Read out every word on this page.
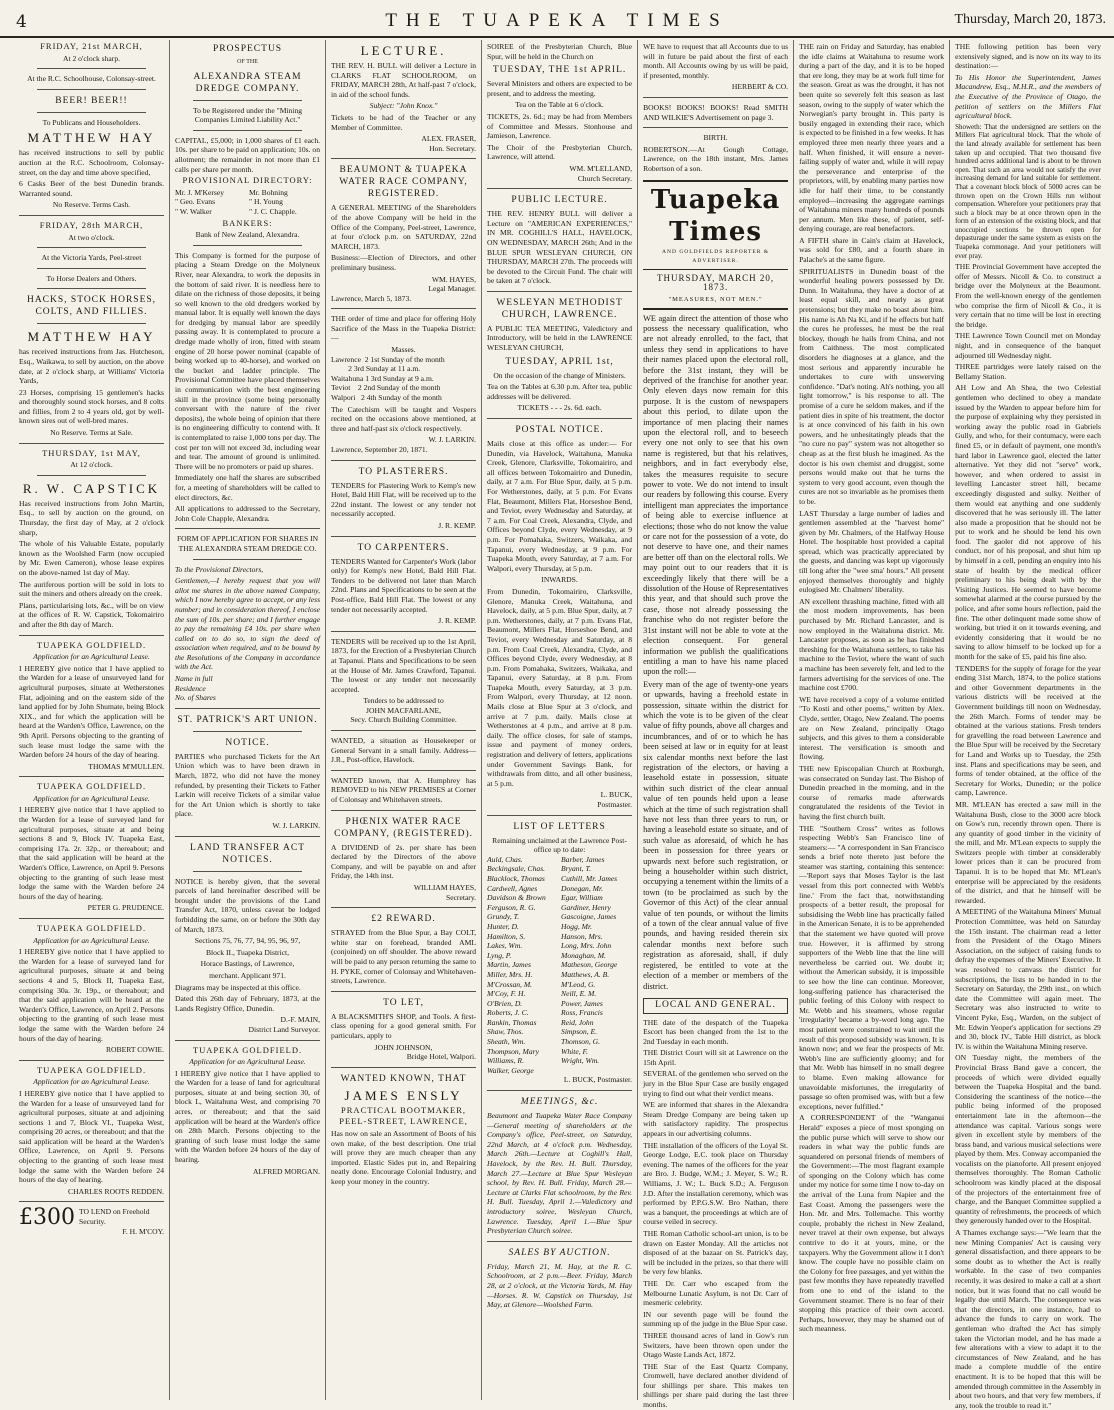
4	THE TUAPEKA TIMES	Thursday, March 20, 1873.
FRIDAY, 21st MARCH,
At 2 o'clock sharp.
At the R.C. Schoolhouse, Colonsay-street.
BEER! BEER!!
To Publicans and Householders.
MATTHEW HAY

has received instructions to sell by public auction at the R.C. Schoolroom, Colonsay-street, on the day and time above specified,

6 Casks Beer of the best Dunedin brands. Warranted sound.

No Reserve. Terms Cash.
FRIDAY, 28th MARCH,
At two o'clock.
At the Victoria Yards, Peel-street
To Horse Dealers and Others.
HACKS, STOCK HORSES, COLTS, AND FILLIES.
MATTHEW HAY

has received instructions from Jas. Hutcheson, Esq., Waikawa, to sell by auction, on the above date, at 2 o'clock sharp, at Williams' Victoria Yards,

23 Horses, comprising 15 gentlemen's hacks and thoroughly sound stock horses, and 8 colts and fillies, from 2 to 4 years old, got by well-known sires out of well-bred mares.

No Reserve. Terms at Sale.
THURSDAY, 1st MAY,
At 12 o'clock.
R. W. CAPSTICK

Has received instructions from John Martin, Esq., to sell by auction on the ground, on Thursday, the first day of May, at 2 o'clock sharp,

The whole of his Valuable Estate, popularly known as the Woolshed Farm (now occupied by Mr. Ewen Cameron), whose lease expires on the above-named 1st day of May.

The auriferous portion will be sold in lots to suit the miners and others already on the creek.

Plans, particularising lots, &c., will be on view at the offices of R. W. Capstick, Tokomairiro and after the 8th day of March.

TUAPEKA GOLDFIELD.
Application for an Agricultural Lease.

I HEREBY give notice that I have applied to the Warden for a lease of unsurveyed land for agricultural purposes, situate at Wetherstones Flat, adjoining and on the eastern side of the land applied for by John Shumate, being Block XIX., and for which the application will be heard at the Warden's Office, Lawrence, on the 9th April. Persons objecting to the granting of such lease must lodge the same with the Warden before 24 hours of the day of hearing.

THOMAS M'MULLEN.
TUAPEKA GOLDFIELD.
Application for an Agricultural Lease.

I HEREBY give notice that I have applied to the Warden for a lease of surveyed land for agricultural purposes, situate at and being sections 8 and 9, Block IV. Tuapeka East, comprising 17a. 2r. 32p., or thereabout; and that the said application will be heard at the Warden's Office, Lawrence, on April 9. Persons objecting to the granting of such lease must lodge the same with the Warden before 24 hours of the day of hearing.

PETER G. PRUDENCE.
TUAPEKA GOLDFIELD.
Application for an Agricultural Lease.

I HEREBY give notice that I have applied to the Warden for a lease of surveyed land for agricultural purposes, situate at and being sections 4 and 5, Block II, Tuapeka East, comprising 30a. 3r. 19p., or thereabout; and that the said application will be heard at the Warden's Office, Lawrence, on April 2. Persons objecting to the granting of such lease must lodge the same with the Warden before 24 hours of the day of hearing.

ROBERT COWIE.
TUAPEKA GOLDFIELD.
Application for an Agricultural Lease.

I HEREBY give notice that I have applied to the Warden for a lease of unsurveyed land for agricultural purposes, situate at and adjoining sections 1 and 7, Block VI., Tuapeka West, comprising 20 acres, or thereabout; and that the said application will be heard at the Warden's Office, Lawrence, on April 9. Persons objecting to the granting of such lease must lodge the same with the Warden before 24 hours of the day of hearing.

CHARLES ROOTS REDDEN.
£300 TO LEND on Freehold Security.
F. H. M'COY.
PROSPECTUS
OF THE
ALEXANDRA STEAM DREDGE COMPANY.

To be Registered under the "Mining Companies Limited Liability Act."

CAPITAL, £5,000; in 1,000 shares of £1 each. 10s. per share to be paid on application; 10s. on allotment; the remainder in not more than £1 calls per share per month.

PROVISIONAL DIRECTORY:
Mr. J. M'Kersey	Mr. Bohning
" Geo. Evans	" H. Young
" W. Walker	" J. C. Chapple.
BANKERS:
Bank of New Zealand, Alexandra.

This Company is formed for the purpose of placing a Steam Dredge on the Molyneux River, near Alexandra, to work the deposits in the bottom of said river. It is needless here to dilate on the richness of those deposits, it being so well known to the old dredgers worked by manual labor. It is equally well known the days for dredging by manual labor are speedily passing away. It is contemplated to procure a dredge made wholly of iron, fitted with steam engine of 20 horse power nominal (capable of being worked up to 40-horse), and worked on the bucket and ladder principle. The Provisional Committee have placed themselves in communication with the best engineering skill in the province (some being personally conversant with the nature of the river deposits), the whole being of opinion that there is no engineering difficulty to contend with. It is contemplated to raise 1,000 tons per day. The cost per ton will not exceed 3d, including wear and tear. The amount of ground is unlimited. There will be no promoters or paid up shares.

Immediately one half the shares are subscribed for, a meeting of shareholders will be called to elect directors, &c.

All applications to addressed to the Secretary, John Cole Chapple, Alexandra.

FORM OF APPLICATION FOR SHARES IN THE ALEXANDRA STEAM DREDGE CO.

To the Provisional Directors,

Gentlemen,—I hereby request that you will allot me shares in the above named Company, which I now hereby agree to accept, or any less number; and in consideration thereof, I enclose the sum of 10s. per share; and I further engage to pay the remaining £4 10s. per share when called on to do so, to sign the deed of association when required, and to be bound by the Resolutions of the Company in accordance with the Act.

Name in full
Residence
No. of Shares
ST. PATRICK'S ART UNION.
NOTICE.

PARTIES who purchased Tickets for the Art Union which was to have been drawn in March, 1872, who did not have the money refunded, by presenting their Tickets to Father Larkin will receive Tickets of a similar value for the Art Union which is shortly to take place.

W. J. LARKIN.
LAND TRANSFER ACT NOTICES.

NOTICE is hereby given, that the several parcels of land hereinafter described will be brought under the provisions of the Land Transfer Act, 1870, unless caveat be lodged forbidding the same, on or before the 30th day of March, 1873.

Sections 75, 76, 77, 94, 95, 96, 97,

Block II., Tuapeka District,

Horace Bastings, of Lawrence,

merchant. Applicant 971.

Diagrams may be inspected at this office.

Dated this 26th day of February, 1873, at the Lands Registry Office, Dunedin.

D.-F. MAIN,
District Land Surveyor.
TUAPEKA GOLDFIELD.
Application for an Agricultural Lease.

I HEREBY give notice that I have applied to the Warden for a lease of land for agricultural purposes, situate at and being section 30, of block L, Waitahuna West, and comprising 70 acres, or thereabout; and that the said application will be heard at the Warden's office on 28th March. Persons objecting to the granting of such lease must lodge the same with the Warden before 24 hours of the day of hearing.

ALFRED MORGAN.
LECTURE.

THE REV. H. BULL will deliver a Lecture in CLARKS FLAT SCHOOLROOM, on FRIDAY, MARCH 28th, At half-past 7 o'clock, in aid of the school funds.

Subject: "John Knox."

Tickets to be had of the Teacher or any Member of Committee.

ALEX. FRASER,
Hon. Secretary.
BEAUMONT & TUAPEKA WATER RACE COMPANY, REGISTERED.

A GENERAL MEETING of the Shareholders of the above Company will be held in the Office of the Company, Peel-street, Lawrence, at four o'clock p.m. on SATURDAY, 22nd MARCH, 1873.

Business:—Election of Directors, and other preliminary business.

WM. HAYES,
Legal Manager.
Lawrence, March 5, 1873.

THE order of time and place for offering Holy Sacrifice of the Mass in the Tuapeka District:—

Masses.
Lawrence  2 1st Sunday of the month
2 3rd Sunday at 11 a.m.
Waitahuna 1 3rd Sunday at 9 a.m.
Teviot    2 2nd Sunday of the month
Walpori   2 4th Sunday of the month

The Catechism will be taught and Vespers recited on the occasions above mentioned, at three and half-past six o'clock respectively.

W. J. LARKIN.
Lawrence, September 20, 1871.
TO PLASTERERS.

TENDERS for Plastering Work to Kemp's new Hotel, Bald Hill Flat, will be received up to the 22nd instant. The lowest or any tender not necessarily accepted.

J. R. KEMP.
TO CARPENTERS.

TENDERS Wanted for Carpenter's Work (labor only) for Kemp's new Hotel, Bald Hill Flat. Tenders to be delivered not later than March 22nd. Plans and Specifications to be seen at the Post-office, Bald Hill Flat. The lowest or any tender not necessarily accepted.

J. R. KEMP.

TENDERS will be received up to the 1st April, 1873, for the Erection of a Presbyterian Church at Tapanui. Plans and Specifications to be seen at the House of Mr. James Crawford, Tapanui. The lowest or any tender not necessarily accepted.

Tenders to be addressed to
JOHN MACFARLANE,
Secy. Church Building Committee.

WANTED, a situation as Housekeeper or General Servant in a small family. Address—J.R., Post-office, Havelock.

WANTED known, that A. Humphrey has REMOVED to his NEW PREMISES at Corner of Colonsay and Whitehaven streets.

PHŒNIX WATER RACE COMPANY, (REGISTERED).

A DIVIDEND of 2s. per share has been declared by the Directors of the above Company, and will be payable on and after Friday, the 14th inst.

WILLIAM HAYES,
Secretary.
£2 REWARD.

STRAYED from the Blue Spur, a Bay COLT, white star on forehead, branded AML (conjoined) on off shoulder. The above reward will be paid to any person returning the same to H. PYKE, corner of Colonsay and Whitehaven-streets, Lawrence.

TO LET,

A BLACKSMITH'S SHOP, and Tools. A first-class opening for a good general smith. For particulars, apply to

JOHN JOHNSON,
Bridge Hotel, Walpori.
WANTED KNOWN, THAT
JAMES ENSLY
PRACTICAL BOOTMAKER,
PEEL-STREET, LAWRENCE,

Has now on sale an Assortment of Boots of his own make, of the best description. One trial will prove they are much cheaper than any imported. Elastic Sides put in, and Repairing neatly done. Encourage Colonial Industry, and keep your money in the country.

SOIREE of the Presbyterian Church, Blue Spur, will be held in the Church on

TUESDAY, THE 1st APRIL.

Several Ministers and others are expected to be present, and to address the meeting.

Tea on the Table at 6 o'clock.

TICKETS, 2s. 6d.; may be had from Members of Committee and Messrs. Stonhouse and Jamieson, Lawrence.

The Choir of the Presbyterian Church, Lawrence, will attend.

WM. M'LELLAND,
Church Secretary.
PUBLIC LECTURE.

THE REV. HENRY BULL will deliver a Lecture on "AMERICAN EXPERIENCES," IN MR. COGHILL'S HALL, HAVELOCK, ON WEDNESDAY, MARCH 26th; And in the BLUE SPUR WESLEYAN CHURCH, ON THURSDAY, MARCH 27th. The proceeds will be devoted to the Circuit Fund. The chair will be taken at 7 o'clock.

WESLEYAN METHODIST CHURCH, LAWRENCE.

A PUBLIC TEA MEETING, Valedictory and Introductory, will be held in the LAWRENCE WESLEYAN CHURCH,

TUESDAY, APRIL 1st,
On the occasion of the change of Ministers.

Tea on the Tables at 6.30 p.m. After tea, public addresses will be delivered.

TICKETS - - - 2s. 6d. each.
POSTAL NOTICE.

Mails close at this office as under:— For Dunedin, via Havelock, Waitahuna, Manuka Creek, Glenore, Clarksville, Tokomairiro, and all offices between Tokomairiro and Dunedin, daily, at 7 a.m. For Blue Spur, daily, at 5 p.m. For Wetherstones, daily, at 5 p.m. For Evans Flat, Beaumont, Millers Flat, Horseshoe Bend, and Teviot, every Wednesday and Saturday, at 7 a.m. For Coal Creek, Alexandra, Clyde, and Offices beyond Clyde, every Wednesday, at 9 p.m. For Pomahaka, Switzers, Waikaka, and Tapanui, every Wednesday, at 9 p.m. For Tuapeka Mouth, every Saturday, at 7 a.m. For Walpori, every Thursday, at 5 p.m.

INWARDS.

From Dunedin, Tokomairiro, Clarksville, Glenore, Manuka Creek, Waitahuna, and Havelock, daily, at 5 p.m. Blue Spur, daily, at 7 p.m. Wetherstones, daily, at 7 p.m. Evans Flat, Beaumont, Millers Flat, Horseshoe Bend, and Teviot, every Wednesday and Saturday, at 8 p.m. From Coal Creek, Alexandra, Clyde, and Offices beyond Clyde, every Wednesday, at 8 p.m. From Pomahaka, Switzers, Waikaka, and Tapanui, every Saturday, at 8 p.m. From Tuapeka Mouth, every Saturday, at 3 p.m. From Walpori, every Thursday, at 12 noon. Mails close at Blue Spur at 3 o'clock, and arrive at 7 p.m. daily. Mails close at Wetherstones at 4 p.m., and arrive at 8 p.m. daily. The office closes, for sale of stamps, issue and payment of money orders, registration and delivery of letters, applications under Government Savings Bank, for withdrawals from ditto, and all other business, at 5 p.m.

L. BUCK,
Postmaster.
LIST OF LETTERS
Remaining unclaimed at the Lawrence Post-office up to date:
Auld, Chas.	Barber, James
Beckingsale, Chas.	Bryant, T.
Blacklock, Thomas	Cuthill, Mr. James
Cardwell, Agnes	Donegan, Mr.
Davidson & Brown	Egar, William
Ferguson, R. G.	Gardiner, Henry
Grundy, T.	Gascoigne, James
Hunter, D.	Hogg, Mr.
Hamilton, S.	Hanson, Mrs.
Lakes, Wm.	Long, Mrs. John
Lyng, P.	Monaghan, M.
Martin, James	Matheson, George
Miller, Mrs. H.	Matthews, A. B.
M'Crossan, M.	M'Leod, G.
M'Coy, F. H.	Neill, E. M.
O'Brien, D.	Power, James
Roberts, J. C.	Ross, Francis
Rankin, Thomas	Reid, John
Shaw, Thos.	Simpson, E.
Sheath, Wm.	Thomson, G.
Thompson, Mary	White, F.
Williams, R.	Wright, Wm.
Walker, George
L. BUCK, Postmaster.
MEETINGS, &c.

Beaumont and Tuapeka Water Race Company—General meeting of shareholders at the Company's office, Peel-street, on Saturday, 22nd March, at 4 o'clock p.m. Wednesday, March 26th.—Lecture at Coghill's Hall, Havelock, by the Rev. H. Bull. Thursday, March 27.—Lecture at Blue Spur Wesleyan school, by Rev. H. Bull. Friday, March 28.—Lecture at Clarks Flat schoolroom, by the Rev. H. Bull. Tuesday, April 1.—Valedictory and introductory soiree, Wesleyan Church, Lawrence. Tuesday, April 1.—Blue Spur Presbyterian Church soiree.

SALES BY AUCTION.

Friday, March 21, M. Hay, at the R. C. Schoolroom, at 2 p.m.—Beer. Friday, March 28, at 2 o'clock, at the Victoria Yards, M. Hay—Horses. R. W. Capstick on Thursday, 1st May, at Glenore—Woolshed Farm.

WE have to request that all Accounts due to us will in future be paid about the first of each month. All Accounts owing by us will be paid, if presented, monthly.

HERBERT & CO.

BOOKS! BOOKS! BOOKS! Read SMITH AND WILKIE'S Advertisement on page 3.

BIRTH.

ROBERTSON.—At Gough Cottage, Lawrence, on the 18th instant, Mrs. James Robertson of a son.

Tuapeka Times
AND GOLDFIELDS REPORTER & ADVERTISER.
THURSDAY, MARCH 20, 1873.
"MEASURES, NOT MEN."

WE again direct the attention of those who possess the necessary qualification, who are not already enrolled, to the fact, that unless they send in applications to have their names placed upon the electoral roll, before the 31st instant, they will be deprived of the franchise for another year. Only eleven days now remain for this purpose. It is the custom of newspapers about this period, to dilate upon the importance of men placing their names upon the electoral roll, and to beseech every one not only to see that his own name is registered, but that his relatives, neighbors, and in fact everybody else, takes the measures requisite to secure power to vote. We do not intend to insult our readers by following this course. Every intelligent man appreciates the importance of being able to exercise influence at elections; those who do not know the value or care not for the possession of a vote, do not deserve to have one, and their names are better off than on the electoral rolls. We may point out to our readers that it is exceedingly likely that there will be a dissolution of the House of Representatives this year, and that should such prove the case, those not already possessing the franchise who do not register before the 31st instant will not be able to vote at the election consequent. For general information we publish the qualifications entitling a man to have his name placed upon the roll:—

Every man of the age of twenty-one years or upwards, having a freehold estate in possession, situate within the district for which the vote is to be given of the clear value of fifty pounds, above all charges and incumbrances, and of or to which he has been seised at law or in equity for at least six calendar months next before the last registration of the electors, or having a leasehold estate in possession, situate within such district of the clear annual value of ten pounds held upon a lease which at the time of such registration shall have not less than three years to run, or having a leasehold estate so situate, and of such value as aforesaid, of which he has been in possession for three years or upwards next before such registration, or being a householder within such district, occupying a tenement within the limits of a town (to be proclaimed as such by the Governor of this Act) of the clear annual value of ten pounds, or without the limits of a town of the clear annual value of five pounds, and having resided therein six calendar months next before such registration as aforesaid, shall, if duly registered, be entitled to vote at the election of a member or members of the district.

LOCAL AND GENERAL.

THE date of the despatch of the Tuapeka Escort has been changed from the 1st to the 2nd Tuesday in each month.

THE District Court will sit at Lawrence on the 15th April.

SEVERAL of the gentlemen who served on the jury in the Blue Spur Case are busily engaged trying to find out what their verdict means.

WE are informed that shares in the Alexandra Steam Dredge Company are being taken up with satisfactory rapidity. The prospectus appears in our advertising columns.

THE installation of the officers of the Loyal St. George Lodge, E.C. took place on Thursday evening. The names of the officers for the year are Bro. J. Budge, W.M.; J. Meyer, S. W.; R. Williams, J. W.; L. Buck S.D.; A. Ferguson J.D. After the installation ceremony, which was performed by P.P.G.S.W. Bro Nathan, there was a banquet, the proceedings at which are of course veiled in secrecy.

THE Roman Catholic school-art union, is to be drawn on Easter Monday. All the articles not disposed of at the bazaar on St. Patrick's day, will be included in the prizes, so that there will be very few blanks.

THE Dr. Carr who escaped from the Melbourne Lunatic Asylum, is not Dr. Carr of mesmeric celebrity.

IN our seventh page will be found the summing up of the judge in the Blue Spur case.

THREE thousand acres of land in Gow's run Switzers, have been thrown open under the Otago Waste Lands Act, 1872.

THE Star of the East Quartz Company, Cromwell, have declared another dividend of four shillings per share. This makes ten shillings per share paid during the last three months.

THE rain on Friday and Saturday, has enabled the idle claims at Waitahuna to resume work during a part of the day, and it is to be hoped that ere long, they may be at work full time for the season. Great as was the drought, it has not been quite so severely felt this season as last season, owing to the supply of water which the Norwegian's party brought in. This party is busily engaged in extending their race, which is expected to be finished in a few weeks. It has employed three men nearly three years and a half. When finished, it will ensure a never-failing supply of water and, while it will repay the perseverance and enterprise of the proprietors, will, by enabling many parties now idle for half their time, to be constantly employed—increasing the aggregate earnings of Waitahuna miners many hundreds of pounds per annum. Men like these, of patient, self-denying courage, are real benefactors.

A FIFTH share in Cain's claim at Havelock, was sold for £80, and a fourth share in Palache's at the same figure.

SPIRITUALISTS in Dunedin boast of the wonderful healing powers possessed by Dr. Dunn. In Waitahuna, they have a doctor of at least equal skill, and nearly as great pretensions; but they make no boast about him. His name is Ah Na Ki, and if he effects but half the cures he professes, he must be the real blockey, though he hails from China, and not from Caithness. The most complicated disorders he diagnoses at a glance, and the most serious and apparently incurable he undertakes to cure with unswerving confidence. "Dat's noting. Ah's nothing, you all light tomorrow," is his response to all. The promise of a cure he seldom makes, and if the patient dies in spite of his treatment, the doctor is at once convinced of his faith in his own powers, and he unhesitatingly pleads that the "no cure no pay" system was not altogether so cheap as at the first blush he imagined. As the doctor is his own chemist and druggist, some persons would make out that he turns the system to very good account, even though the cures are not so invariable as he promises them to be.

LAST Thursday a large number of ladies and gentlemen assembled at the "harvest home" given by Mr. Chalmers, of the Halfway House Hotel. The hospitable host provided a capital spread, which was practically appreciated by the guests, and dancing was kept up vigorously till long after the "wee sma' hours." All present enjoyed themselves thoroughly and highly eulogised Mr. Chalmers' liberality.

AN excellent thrashing machine, fitted with all the most modern improvements, has been purchased by Mr. Richard Lancaster, and is now employed in the Waitahuna district. Mr. Lancaster proposes, as soon as he has finished threshing for the Waitahuna settlers, to take his machine to the Teviot, where the want of such a machine has been severely felt, and led to the farmers advertising for the services of one. The machine cost £700.

WE have received a copy of a volume entitled "To Kosti and other poems," written by Alex. Clyde, settler, Otago, New Zealand. The poems are on New Zealand, principally Otago subjects, and this gives to them a considerable interest. The versification is smooth and flowing.

THE new Episcopalian Church at Roxburgh, was consecrated on Sunday last. The Bishop of Dunedin preached in the morning, and in the course of remarks made afterwards congratulated the residents of the Teviot in having the first church built.

THE "Southern Cross" writes as follows respecting Webb's San Francisco line of steamers:— "A correspondent in San Francisco sends a brief note thereto just before the steamer was starting, containing this sentence:—'Report says that Moses Taylor is the last vessel from this port connected with Webb's line.' From the fact that, notwithstanding prospects of a better result, the proposal for subsidising the Webb line has practically failed in the American Senate, it is to be apprehended that the statement we have quoted will prove true. However, it is affirmed by strong supporters of the Webb line that the line will nevertheless be carried out. We doubt it; without the American subsidy, it is impossible to see how the line can continue. Moreover, long-suffering patience has characterised the public feeling of this Colony with respect to Mr. Webb and his steamers, whose regular 'irregularity' became a by-word long ago. The most patient were constrained to wait until the result of this proposed subsidy was known. It is known now; and we fear the prospects of Mr. Webb's line are sufficiently gloomy; and for that Mr. Webb has himself in no small degree to blame. Even making allowance for unavoidable misfortunes, the irregularity of passage so often promised was, with but a few exceptions, never fulfilled."

A CORRESPONDENT of the "Wanganui Herald" exposes a piece of most sponging on the public purse which will serve to show our readers in what way the public funds are squandered on personal friends of members of the Government:—The most flagrant example of sponging on the Colony which has come under my notice for some time I now to-day on the arrival of the Luna from Napier and the East Coast. Among the passengers were the Hon. Mr. and Mrs. Tollemache. This worthy couple, probably the richest in New Zealand, never travel at their own expense, but always contrive to do it at yours, mine, or the taxpayers. Why the Government allow it I don't know. The couple have no possible claim on the Colony for free passages, and yet within the past few months they have repeatedly travelled from one to end of the island to the Government steamer. There is no fear of their stopping this practice of their own accord. Perhaps, however, they may be shamed out of such meanness.

THE following petition has been very extensively signed, and is now on its way to its destination:—

To His Honor the Superintendent, James Macandrew, Esq., M.H.R., and the members of the Executive of the Province of Otago, the petition of settlers on the Millers Flat agricultural block.

Showeth: That the undersigned are settlers on the Millers Flat agricultural block. That the whole of the land already available for settlement has been taken up and occupied. That two thousand five hundred acres additional land is about to be thrown open. That such an area would not satisfy the ever increasing demand for land suitable for settlement. That a covenant block block of 5000 acres can be thrown open on the Crown Hills run without compensation. Wherefore your petitioners pray that such a block may be at once thrown open in the form of an extension of the existing block, and that unoccupied sections be thrown open for depasturage under the same system as exists on the Tuapeka commonage. And your petitioners will ever pray.

THE Provincial Government have accepted the offer of Messrs. Nicoll & Co. to construct a bridge over the Molyneux at the Beaumont. From the well-known energy of the gentlemen who comprise the firm of Nicoll & Co., it is very certain that no time will be lost in erecting the bridge.

THE Lawrence Town Council met on Monday night, and in consequence of the banquet adjourned till Wednesday night.

THREE partridges were lately raised on the Bellamy Station.

AH Low and Ah Shea, the two Celestial gentlemen who declined to obey a mandate issued by the Warden to appear before him for the purpose of explaining why they persisted in working away the public road in Gabriels Gully, and who, for their contumacy, were each fined £5, or in default of payment, one month's hard labor in Lawrence gaol, elected the latter alternative. Yet they did not "serve" work, however, and when ordered to assist in levelling Lancaster street hill, became exceedingly disgusted and sulky. Neither of them would eat anything and one suddenly discovered that he was seriously ill. The latter also made a proposition that he should not be put to work and he should be lend his own food. The gaoler did not approve of his conduct, nor of his proposal, and shut him up by himself in a cell, pending an enquiry into his state of health by the medical officer preliminary to his being dealt with by the Visiting Justices. He seemed to have become somewhat alarmed at the course pursued by the police, and after some hours reflection, paid the fine. The other delinquent made some show of working, but tried it on it towards evening, and evidently considering that it would be no saving to allow himself to be locked up for a month for the sake of £5, paid his fine also.

TENDERS for the supply of forage for the year ending 31st March, 1874, to the police stations and other Government departments in the various districts will be received at the Government buildings till noon on Wednesday, the 26th March. Forms of tender may be obtained at the various stations. Fresh tenders for gravelling the road between Lawrence and the Blue Spur will be received by the Secretary for Land and Works up to Tuesday, the 25th inst. Plans and specifications may be seen, and forms of tender obtained, at the office of the Secretary for Works, Dunedin; or the police camp, Lawrence.

MR. M'LEAN has erected a saw mill in the Waitahuna Bush, close to the 3000 acre block on Gow's run, recently thrown open. There is any quantity of good timber in the vicinity of the mill, and Mr. M'Lean expects to supply the Switzers people with timber at considerably lower prices than it can be procured from Tapanui. It is to be hoped that Mr. M'Lean's enterprise will be appreciated by the residents of the district, and that he himself will be rewarded.

A MEETING of the Waitahuna Miners' Mutual Protection Committee, was held on Saturday the 15th instant. The chairman read a letter from the President of the Otago Miners Association, on the subject of raising funds to defray the expenses of the Miners' Executive. It was resolved to canvass the district for subscriptions, the lists to be handed in to the Secretary on Saturday, the 29th inst., on which date the Committee will again meet. The Secretary was also instructed to write to Vincent Pyke, Esq., Warden, on the subject of Mr. Edwin Yeoper's application for sections 29 and 30, block IV., Table Hill district, as block IV. is within the Waitahuna Mining reserve.

ON Tuesday night, the members of the Provincial Brass Band gave a concert, the proceeds of which were divided equally between the Tuapeka Hospital and the band. Considering the scantiness of the notice—the public being informed of the proposed entertainment late in the afternoon—the attendance was capital. Various songs were given in excellent style by members of the brass band, and various musical selections were played by them. Mrs. Conway accompanied the vocalists on the pianoforte. All present enjoyed themselves thoroughly. The Roman Catholic schoolroom was kindly placed at the disposal of the projectors of the entertainment free of charge, and the Banquet Committee supplied a quantity of refreshments, the proceeds of which they generously handed over to the Hospital.

A Thames exchange says:—"We learn that the new Mining Companies' Act is causing very general dissatisfaction, and there appears to be some doubt as to whether the Act is really workable. In the case of two companies recently, it was desired to make a call at a short notice, but it was found that no call would be legally due until March. The consequence was that the directors, in one instance, had to advance the funds to carry on work. The gentleman who drafted the Act has simply taken the Victorian model, and he has made a few alterations with a view to adapt it to the circumstances of New Zealand, and he has made a complete muddle of the entire enactment. It is to be hoped that this will be amended through committee in the Assembly in about two hours, and that very few members, if any, took the trouble to read it."
